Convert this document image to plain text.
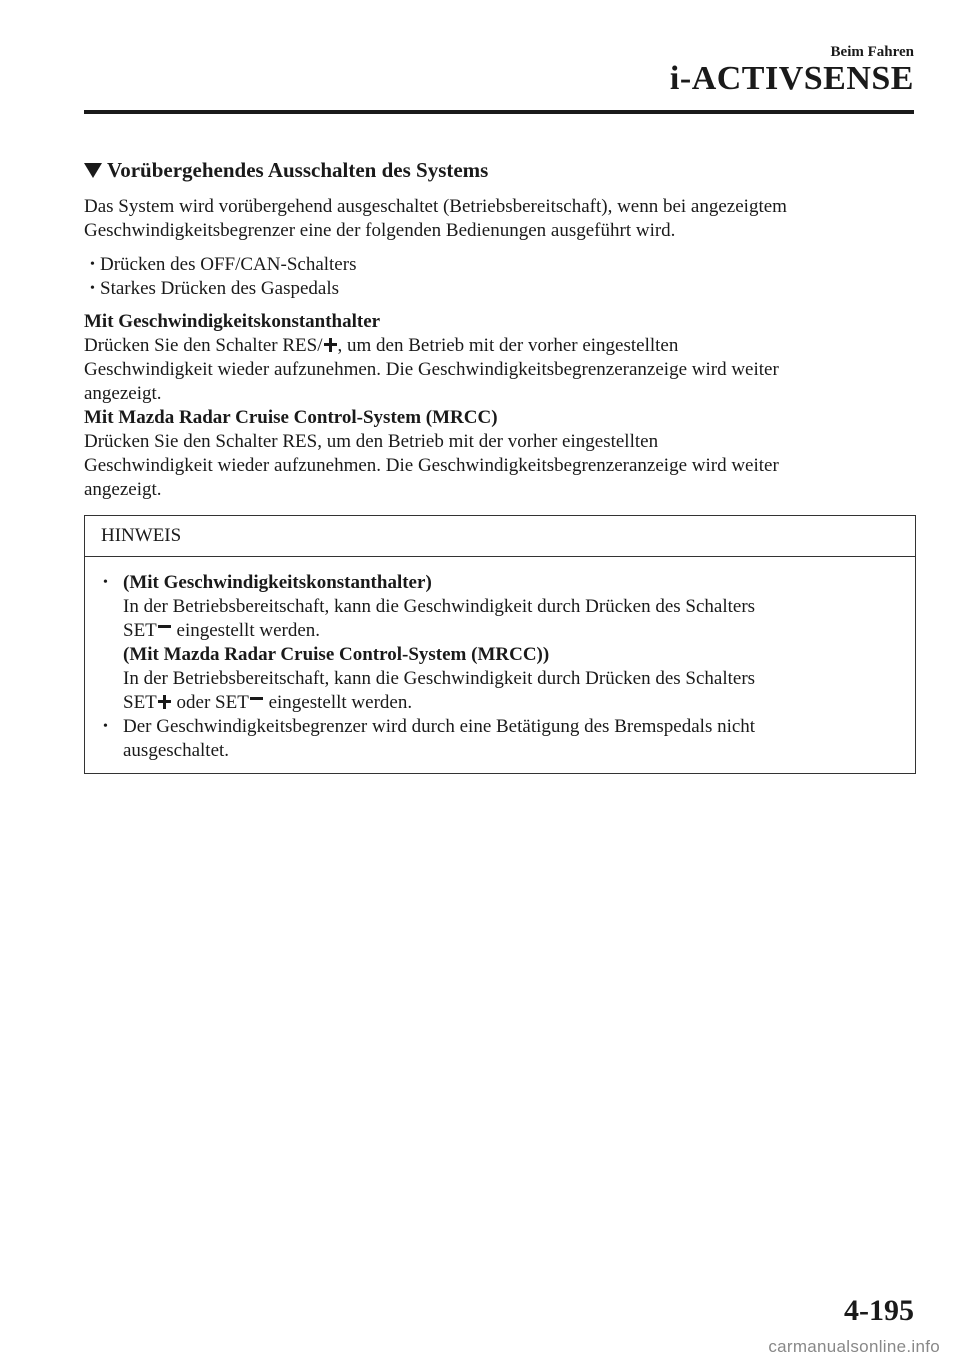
Beim Fahren
i-ACTIVSENSE
Vorübergehendes Ausschalten des Systems

Das System wird vorübergehend ausgeschaltet (Betriebsbereitschaft), wenn bei angezeigtem
Geschwindigkeitsbegrenzer eine der folgenden Bedienungen ausgeführt wird.

• Drücken des OFF/CAN-Schalters
• Starkes Drücken des Gaspedals

Mit Geschwindigkeitskonstanthalter
Drücken Sie den Schalter RES/ , um den Betrieb mit der vorher eingestellten
Geschwindigkeit wieder aufzunehmen. Die Geschwindigkeitsbegrenzeranzeige wird weiter
angezeigt.

Mit Mazda Radar Cruise Control-System (MRCC)
Drücken Sie den Schalter RES, um den Betrieb mit der vorher eingestellten
Geschwindigkeit wieder aufzunehmen. Die Geschwindigkeitsbegrenzeranzeige wird weiter
angezeigt.

HINWEIS
• (Mit Geschwindigkeitskonstanthalter)
In der Betriebsbereitschaft, kann die Geschwindigkeit durch Drücken des Schalters
SET
eingestellt werden.
(Mit Mazda Radar Cruise Control-System (MRCC))
In der Betriebsbereitschaft, kann die Geschwindigkeit durch Drücken des Schalters
SET
oder SET
eingestellt werden.
• Der Geschwindigkeitsbegrenzer wird durch eine Betätigung des Bremspedals nicht
ausgeschaltet.
4-195
carmanualsonline.info
